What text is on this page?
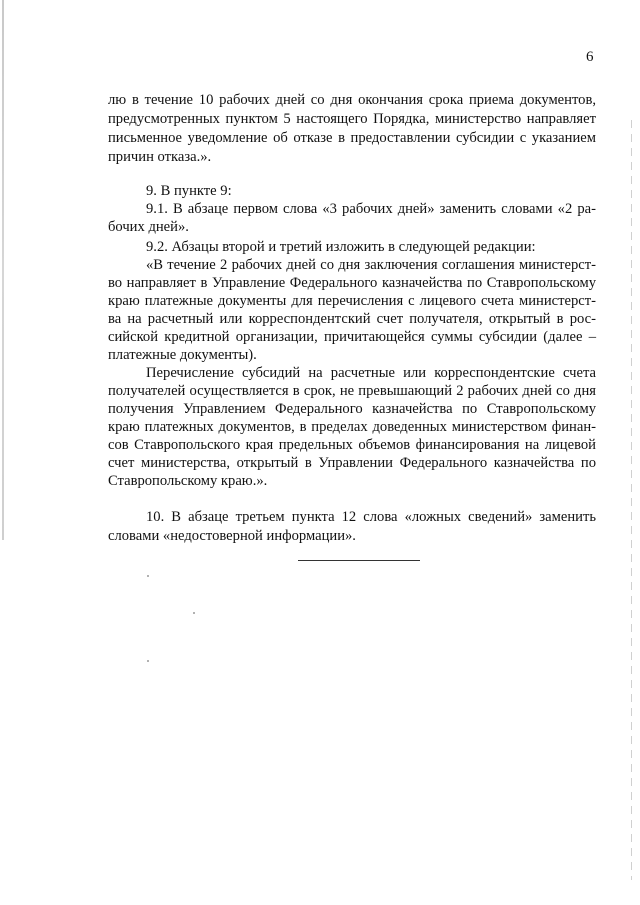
6
лю в течение 10 рабочих дней со дня окончания срока приема документов,
предусмотренных пунктом 5 настоящего Порядка, министерство направляет
письменное уведомление об отказе в предоставлении субсидии с указанием
причин отказа.».
9. В пункте 9:
9.1. В абзаце первом слова «3 рабочих дней» заменить словами «2 ра-
бочих дней».
9.2. Абзацы второй и третий изложить в следующей редакции:
«В течение 2 рабочих дней со дня заключения соглашения министерст-
во направляет в Управление Федерального казначейства по Ставропольскому
краю платежные документы для перечисления с лицевого счета министерст-
ва на расчетный или корреспондентский счет получателя, открытый в рос-
сийской кредитной организации, причитающейся суммы субсидии (далее –
платежные документы).
Перечисление субсидий на расчетные или корреспондентские счета
получателей осуществляется в срок, не превышающий 2 рабочих дней со дня
получения Управлением Федерального казначейства по Ставропольскому
краю платежных документов, в пределах доведенных министерством финан-
сов Ставропольского края предельных объемов финансирования на лицевой
счет министерства, открытый в Управлении Федерального казначейства по
Ставропольскому краю.».
10. В абзаце третьем пункта 12 слова «ложных сведений» заменить
словами «недостоверной информации».
